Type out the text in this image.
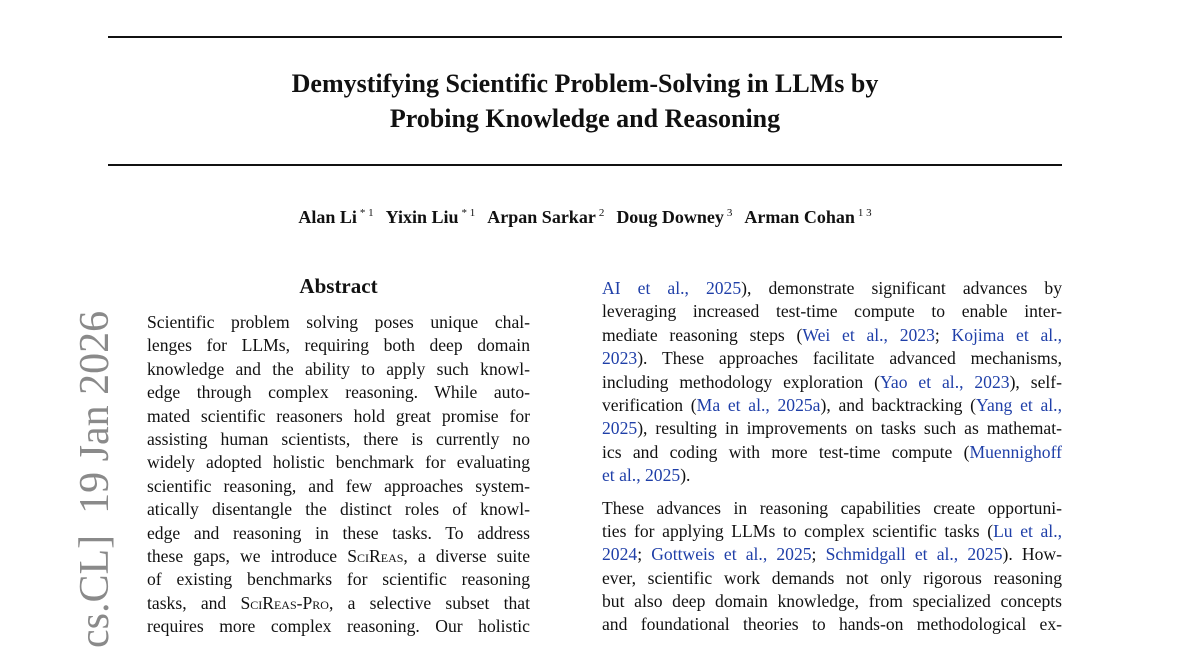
cs.CL]  19 Jan 2026
Demystifying Scientific Problem-Solving in LLMs by
Probing Knowledge and Reasoning
Alan Li $^{* 1}$ Yixin Liu $^{* 1}$ Arpan Sarkar $^2$ Doug Downey $^3$ Arman Cohan $^{1 3}$
Abstract
Scientific problem solving poses unique chal-
lenges for LLMs, requiring both deep domain
knowledge and the ability to apply such knowl-
edge through complex reasoning. While auto-
mated scientific reasoners hold great promise for
assisting human scientists, there is currently no
widely adopted holistic benchmark for evaluating
scientific reasoning, and few approaches system-
atically disentangle the distinct roles of knowl-
edge and reasoning in these tasks. To address
these gaps, we introduce SciReas, a diverse suite
of existing benchmarks for scientific reasoning
tasks, and SciReas-Pro, a selective subset that
requires more complex reasoning. Our holistic
AI et al., 2025), demonstrate significant advances by
leveraging increased test-time compute to enable inter-
mediate reasoning steps (Wei et al., 2023; Kojima et al.,
2023). These approaches facilitate advanced mechanisms,
including methodology exploration (Yao et al., 2023), self-
verification (Ma et al., 2025a), and backtracking (Yang et al.,
2025), resulting in improvements on tasks such as mathemat-
ics and coding with more test-time compute (Muennighoff
et al., 2025).
These advances in reasoning capabilities create opportuni-
ties for applying LLMs to complex scientific tasks (Lu et al.,
2024; Gottweis et al., 2025; Schmidgall et al., 2025). How-
ever, scientific work demands not only rigorous reasoning
but also deep domain knowledge, from specialized concepts
and foundational theories to hands-on methodological ex-
